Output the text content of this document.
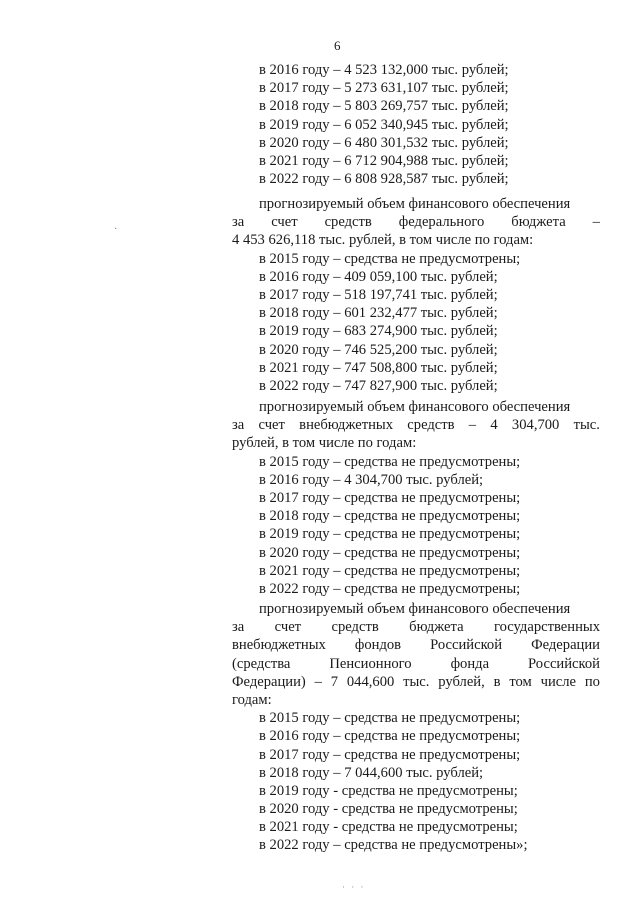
6
·
в 2016 году – 4 523 132,000 тыс. рублей;
в 2017 году – 5 273 631,107 тыс. рублей;
в 2018 году – 5 803 269,757 тыс. рублей;
в 2019 году – 6 052 340,945 тыс. рублей;
в 2020 году – 6 480 301,532 тыс. рублей;
в 2021 году – 6 712 904,988 тыс. рублей;
в 2022 году – 6 808 928,587 тыс. рублей;
прогнозируемый объем финансового обеспечения
за счет средств федерального бюджета –
4 453 626,118 тыс. рублей, в том числе по годам:
в 2015 году – средства не предусмотрены;
в 2016 году – 409 059,100 тыс. рублей;
в 2017 году – 518 197,741 тыс. рублей;
в 2018 году – 601 232,477 тыс. рублей;
в 2019 году – 683 274,900 тыс. рублей;
в 2020 году – 746 525,200 тыс. рублей;
в 2021 году – 747 508,800 тыс. рублей;
в 2022 году – 747 827,900 тыс. рублей;
прогнозируемый объем финансового обеспечения
за счет внебюджетных средств – 4 304,700 тыс.
рублей, в том числе по годам:
в 2015 году – средства не предусмотрены;
в 2016 году – 4 304,700 тыс. рублей;
в 2017 году – средства не предусмотрены;
в 2018 году – средства не предусмотрены;
в 2019 году – средства не предусмотрены;
в 2020 году – средства не предусмотрены;
в 2021 году – средства не предусмотрены;
в 2022 году – средства не предусмотрены;
прогнозируемый объем финансового обеспечения
за счет средств бюджета государственных
внебюджетных фондов Российской Федерации
(средства	Пенсионного	фонда	Российской
Федерации) – 7 044,600 тыс. рублей, в том числе по
годам:
в 2015 году – средства не предусмотрены;
в 2016 году – средства не предусмотрены;
в 2017 году – средства не предусмотрены;
в 2018 году – 7 044,600 тыс. рублей;
в 2019 году - средства не предусмотрены;
в 2020 году - средства не предусмотрены;
в 2021 году - средства не предусмотрены;
в 2022 году – средства не предусмотрены»;
· · ·
